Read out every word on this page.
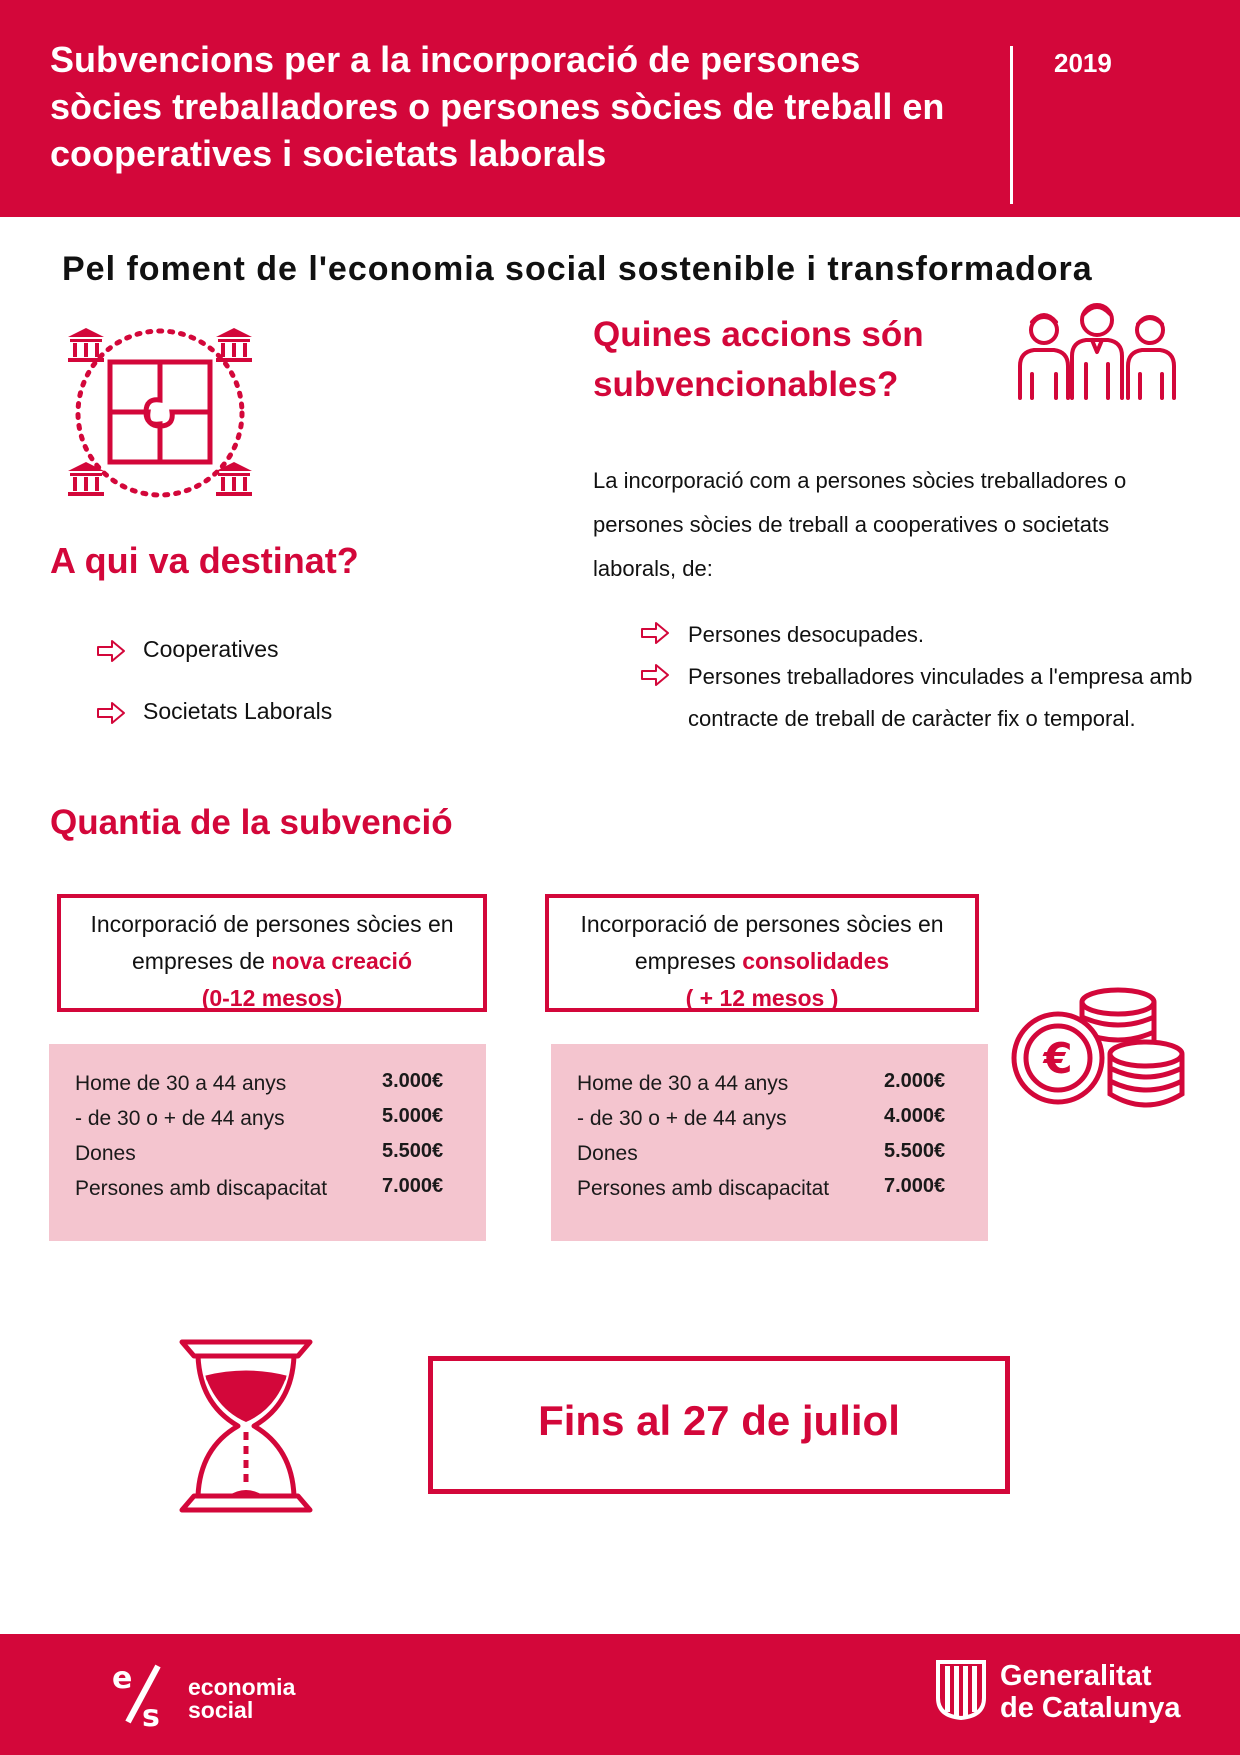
Subvencions per a la incorporació de persones sòcies treballadores o persones sòcies de treball en cooperatives i societats laborals
2019
Pel foment de l'economia social sostenible i transformadora
Quines accions són subvencionables?
La incorporació com a persones sòcies treballadores o persones sòcies de treball a cooperatives o societats laborals, de:
Persones desocupades.
Persones treballadores vinculades a l'empresa amb contracte de treball de caràcter fix o temporal.
A qui va destinat?
Cooperatives
Societats Laborals
Quantia de la subvenció
Incorporació de persones sòcies en
empreses de nova creació
(0-12 mesos)
Incorporació de persones sòcies en
empreses consolidades
( + 12 mesos )
Home de 30 a 44 anys	3.000€
- de 30 o + de 44 anys	5.000€
Dones	5.500€
Persones amb discapacitat	7.000€
Home de 30 a 44 anys	2.000€
- de 30 o + de 44 anys	4.000€
Dones	5.500€
Persones amb discapacitat	7.000€
€
Fins al 27 de juliol
e
s
economia
social
Generalitat
de Catalunya
